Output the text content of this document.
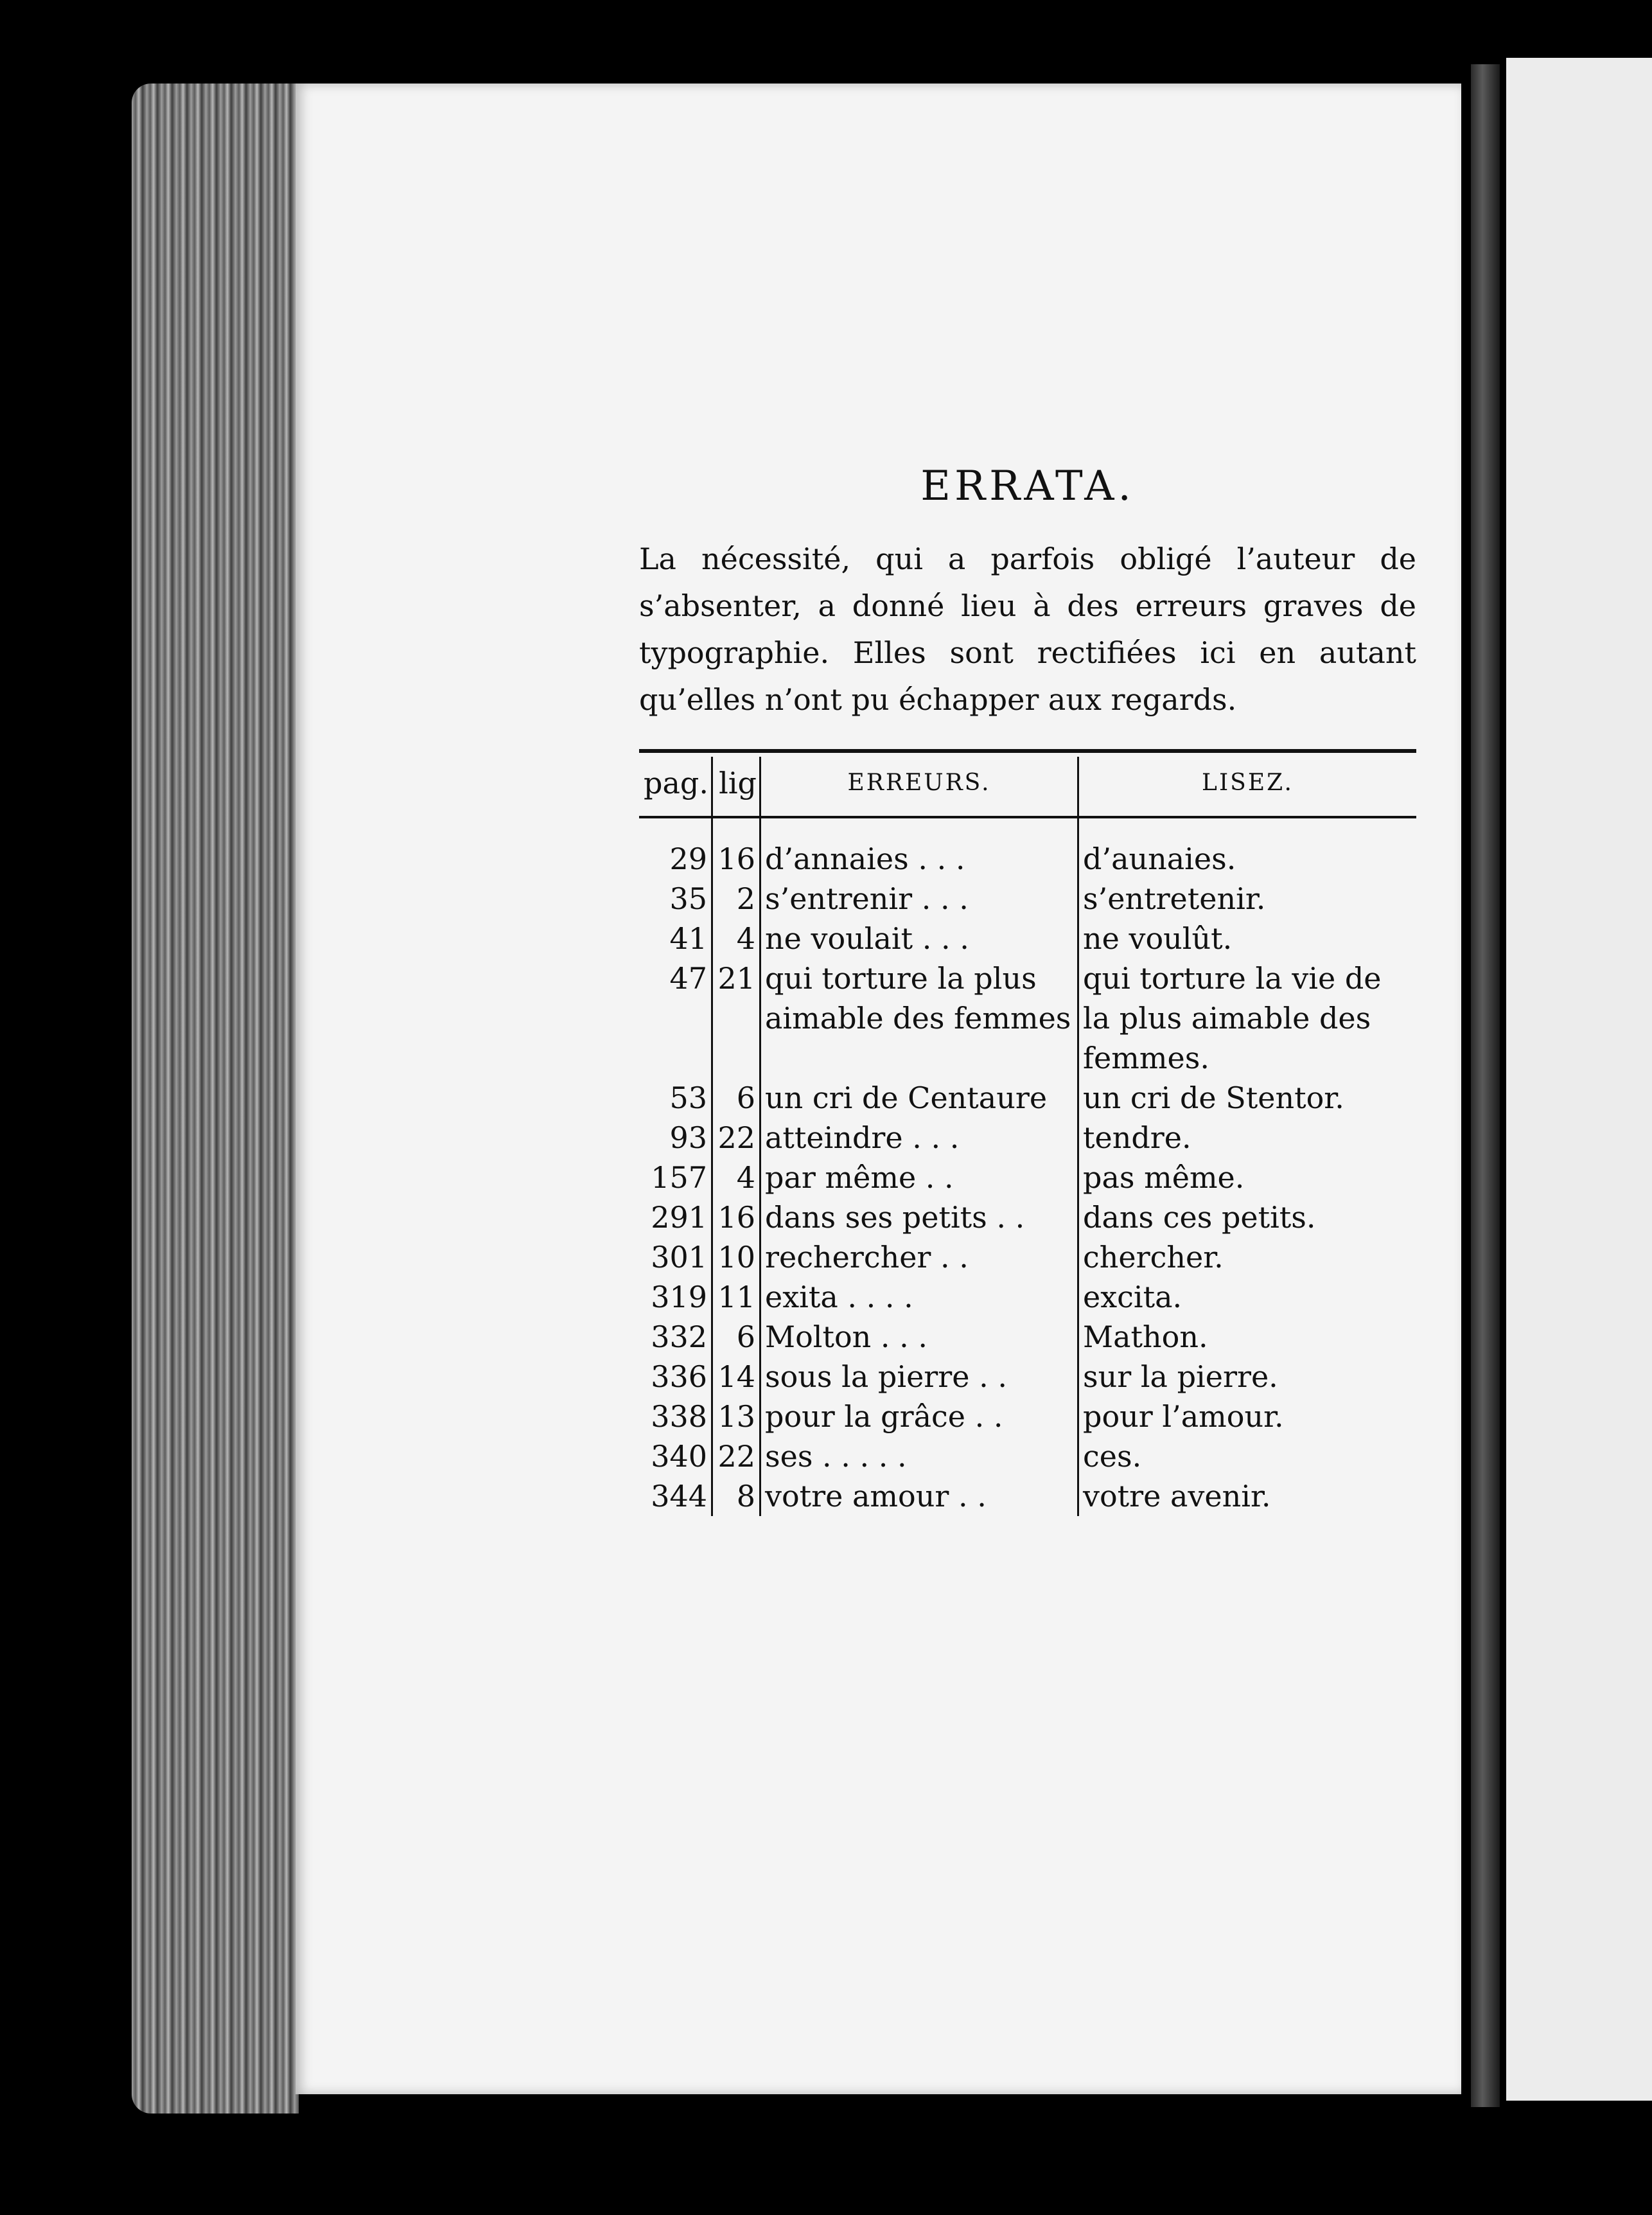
ERRATA.

La nécessité, qui a parfois obligé l’auteur de s’absenter, a donné lieu à des erreurs graves de typographie. Elles sont rectifiées ici en autant qu’elles n’ont pu échapper aux regards.

pag.	lig	ERREURS.	LISEZ.
29	16	d’annaies . . .	d’aunaies.
35	2	s’entrenir . . .	s’entretenir.
41	4	ne voulait . . .	ne voulût.
47	21	qui torture la plus aimable des femmes	qui torture la vie de la plus aimable des femmes.
53	6	un cri de Centaure	un cri de Stentor.
93	22	atteindre . . .	tendre.
157	4	par même . .	pas même.
291	16	dans ses petits . .	dans ces petits.
301	10	rechercher . .	chercher.
319	11	exita . . . .	excita.
332	6	Molton . . .	Mathon.
336	14	sous la pierre . .	sur la pierre.
338	13	pour la grâce . .	pour l’amour.
340	22	ses . . . . .	ces.
344	8	votre amour . .	votre avenir.
